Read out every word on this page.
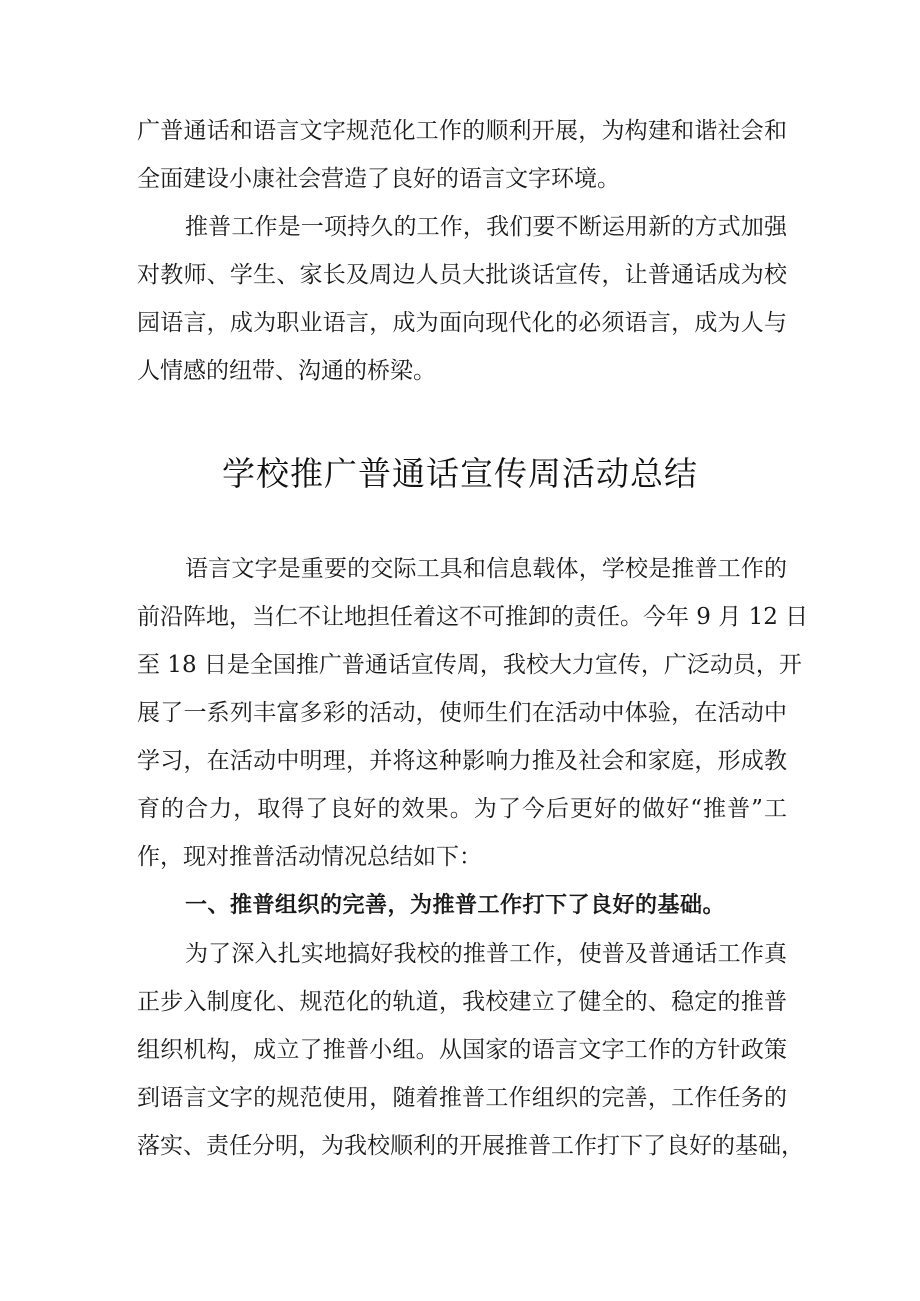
广普通话和语言文字规范化工作的顺利开展，为构建和谐社会和
全面建设小康社会营造了良好的语言文字环境。
推普工作是一项持久的工作，我们要不断运用新的方式加强
对教师、学生、家长及周边人员大批谈话宣传，让普通话成为校
园语言，成为职业语言，成为面向现代化的必须语言，成为人与
人情感的纽带、沟通的桥梁。
学校推广普通话宣传周活动总结
语言文字是重要的交际工具和信息载体，学校是推普工作的
前沿阵地，当仁不让地担任着这不可推卸的责任。今年 9 月 12 日
至 18 日是全国推广普通话宣传周，我校大力宣传，广泛动员，开
展了一系列丰富多彩的活动，使师生们在活动中体验，在活动中
学习，在活动中明理，并将这种影响力推及社会和家庭，形成教
育的合力，取得了良好的效果。为了今后更好的做好“推普”工
作，现对推普活动情况总结如下：
一、推普组织的完善，为推普工作打下了良好的基础。
为了深入扎实地搞好我校的推普工作，使普及普通话工作真
正步入制度化、规范化的轨道，我校建立了健全的、稳定的推普
组织机构，成立了推普小组。从国家的语言文字工作的方针政策
到语言文字的规范使用，随着推普工作组织的完善，工作任务的
落实、责任分明，为我校顺利的开展推普工作打下了良好的基础，
